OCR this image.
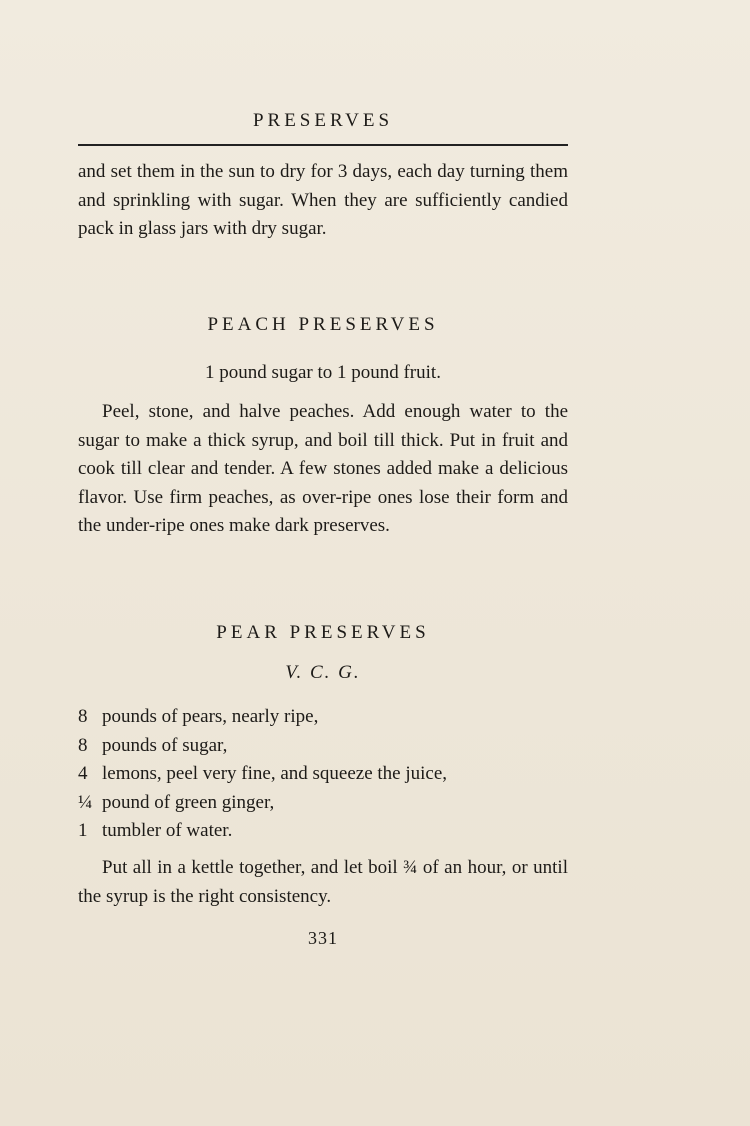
PRESERVES
and set them in the sun to dry for 3 days, each day turning them and sprinkling with sugar. When they are sufficiently candied pack in glass jars with dry sugar.
PEACH PRESERVES
1 pound sugar to 1 pound fruit.
Peel, stone, and halve peaches. Add enough water to the sugar to make a thick syrup, and boil till thick. Put in fruit and cook till clear and tender. A few stones added make a delicious flavor. Use firm peaches, as over-ripe ones lose their form and the under-ripe ones make dark preserves.
PEAR PRESERVES
V. C. G.
8 pounds of pears, nearly ripe,
8 pounds of sugar,
4 lemons, peel very fine, and squeeze the juice,
¼ pound of green ginger,
1 tumbler of water.
Put all in a kettle together, and let boil ¾ of an hour, or until the syrup is the right consistency.
331
